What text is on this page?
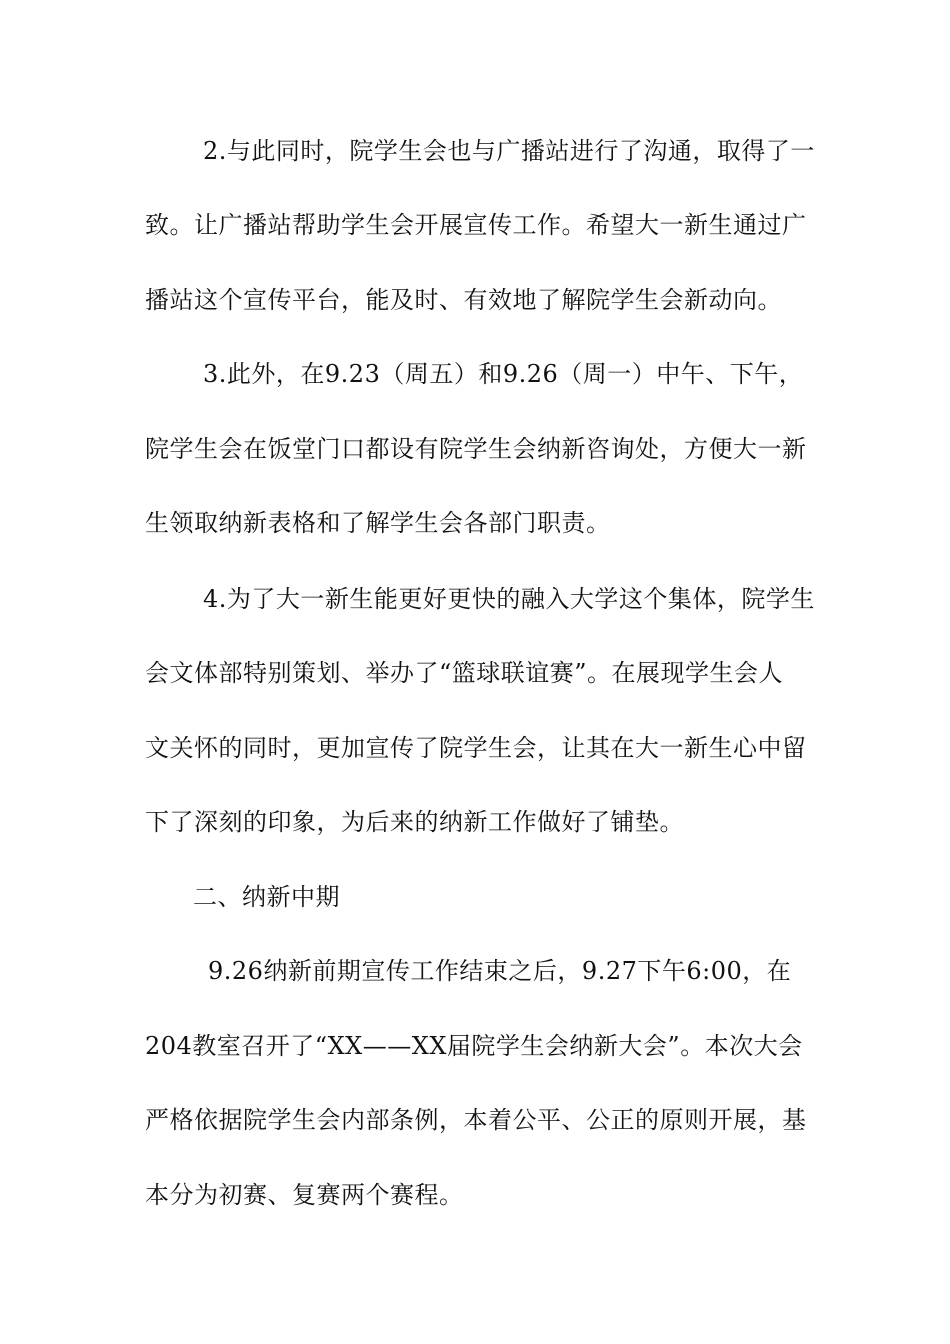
2.与此同时，院学生会也与广播站进行了沟通，取得了一
致。让广播站帮助学生会开展宣传工作。希望大一新生通过广
播站这个宣传平台，能及时、有效地了解院学生会新动向。
3.此外，在9.23（周五）和9.26（周一）中午、下午，
院学生会在饭堂门口都设有院学生会纳新咨询处，方便大一新
生领取纳新表格和了解学生会各部门职责。
4.为了大一新生能更好更快的融入大学这个集体，院学生
会文体部特别策划、举办了“篮球联谊赛”。在展现学生会人
文关怀的同时，更加宣传了院学生会，让其在大一新生心中留
下了深刻的印象，为后来的纳新工作做好了铺垫。
二、纳新中期
9.26纳新前期宣传工作结束之后，9.27下午6:00，在
204教室召开了“XX——XX届院学生会纳新大会”。本次大会
严格依据院学生会内部条例，本着公平、公正的原则开展，基
本分为初赛、复赛两个赛程。
